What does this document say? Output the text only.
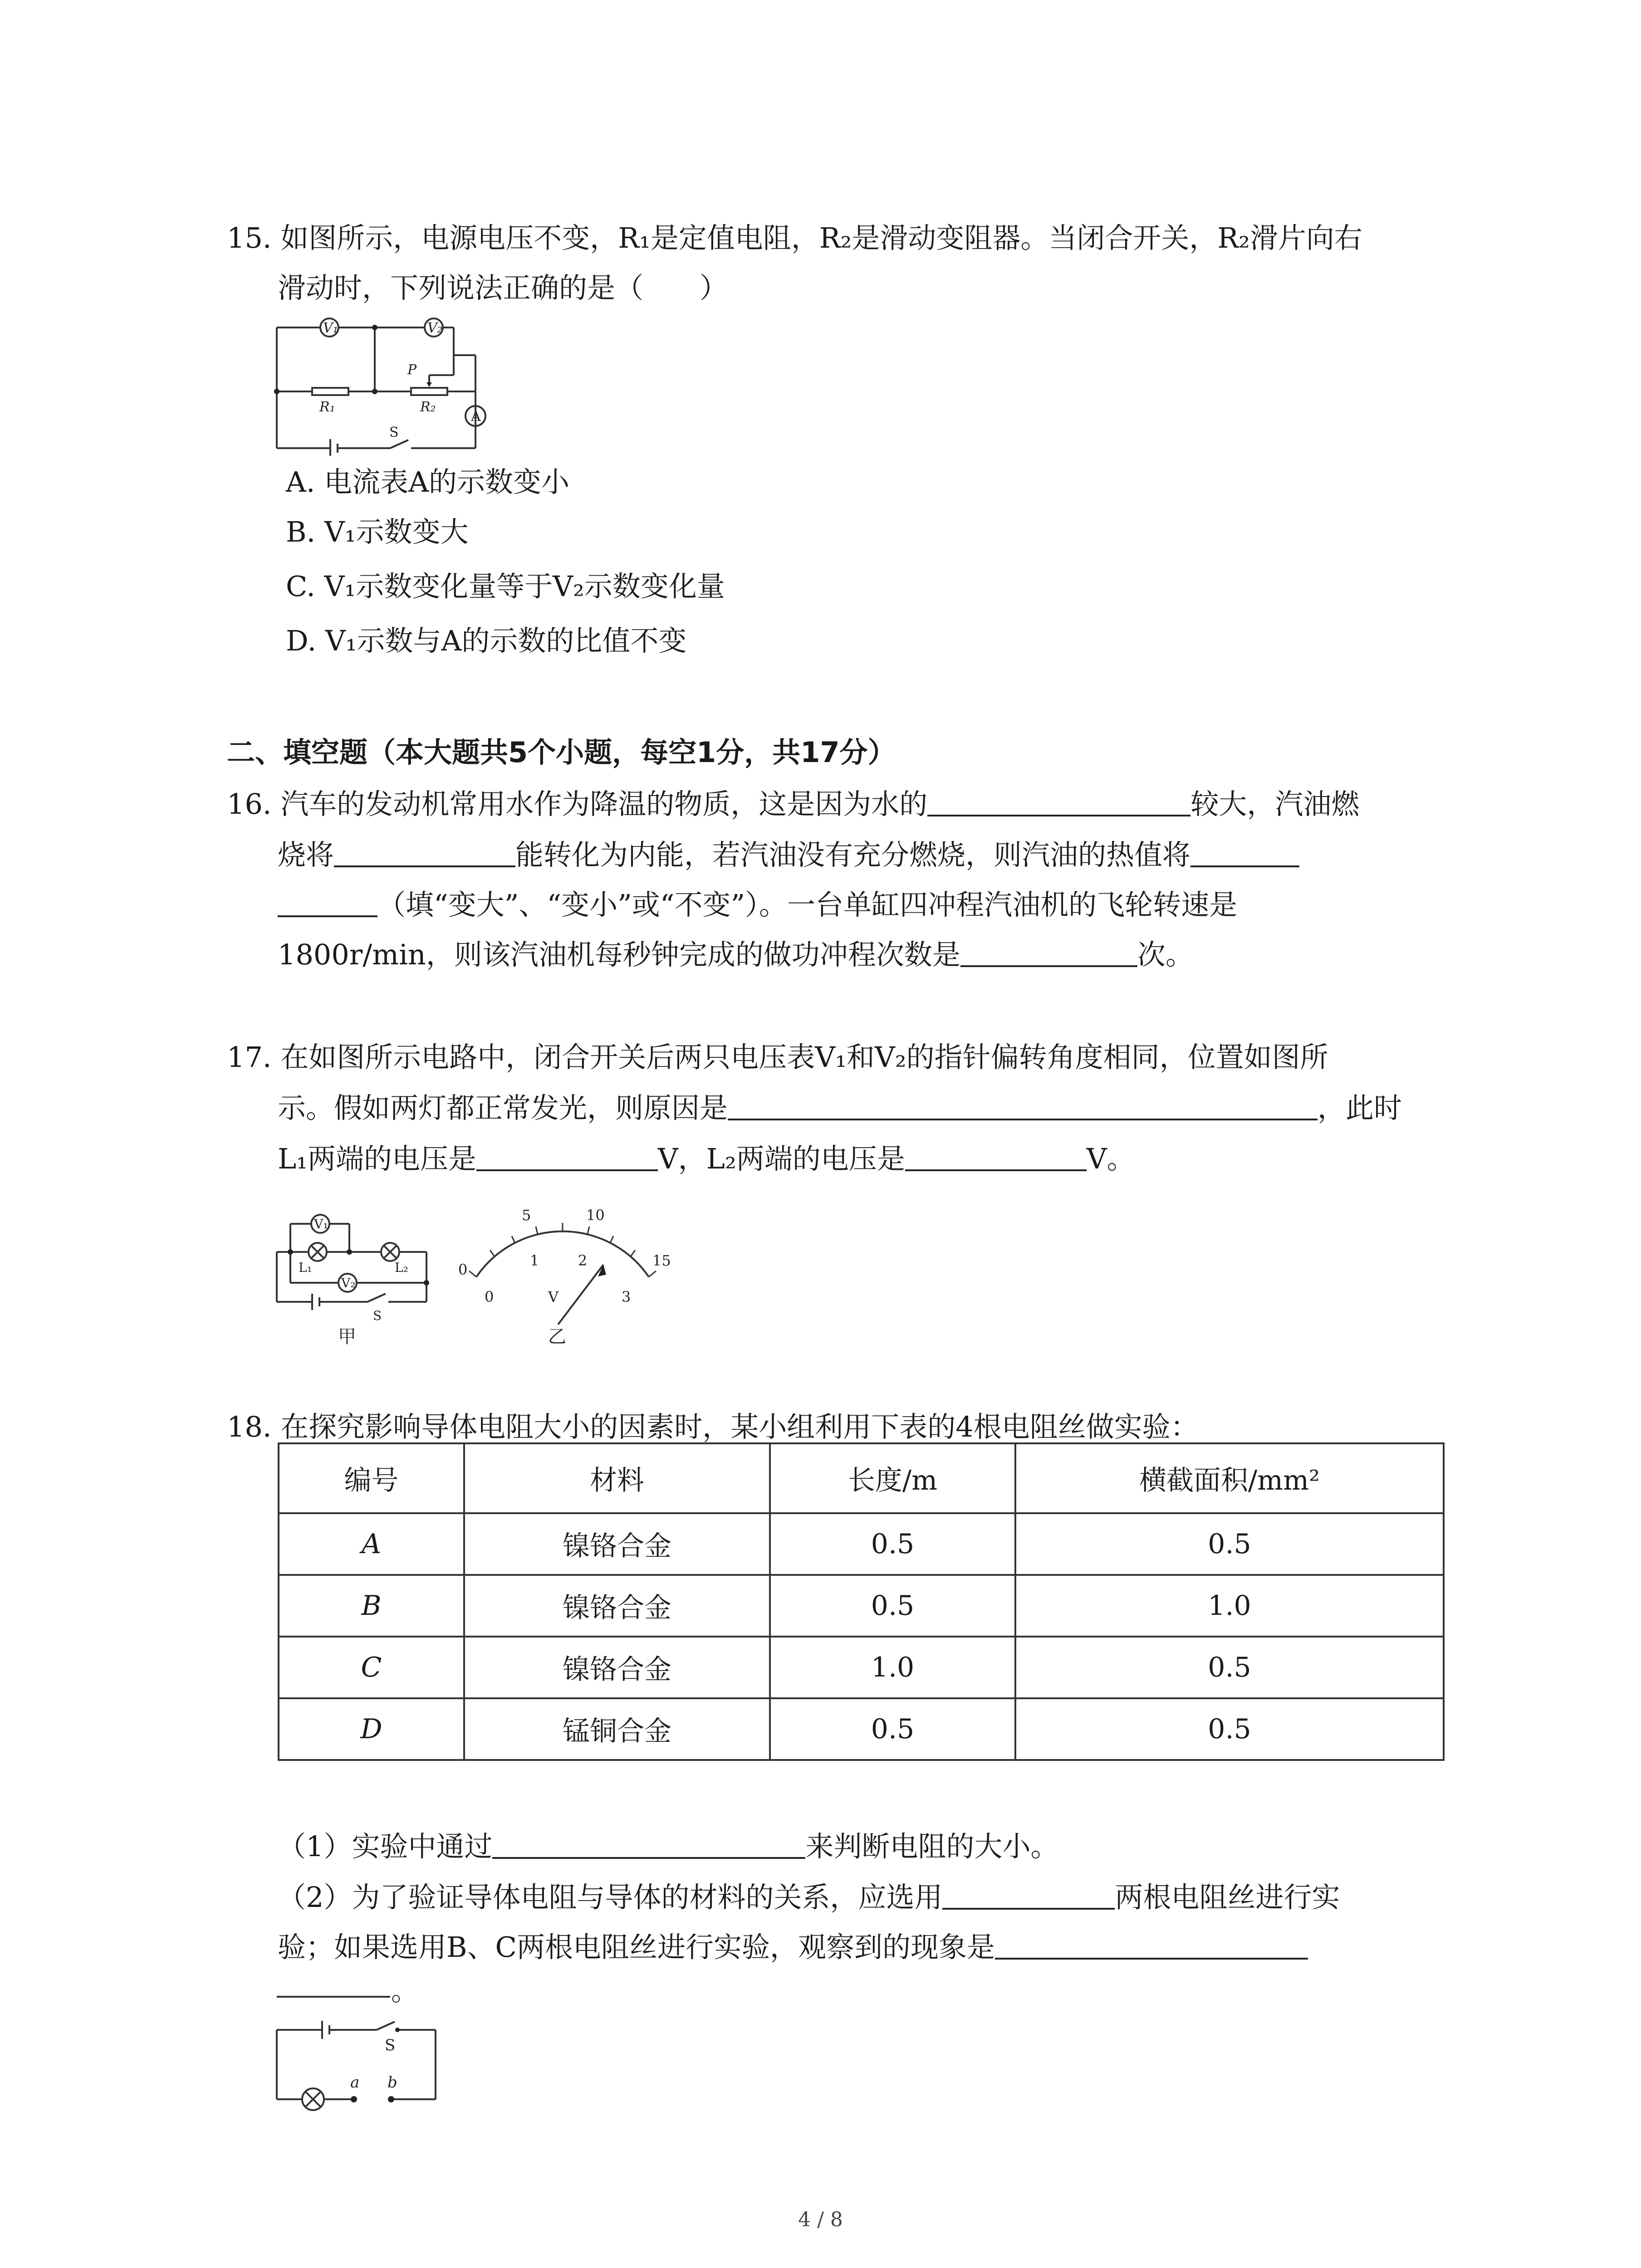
15. 如图所示，电源电压不变，R₁是定值电阻，R₂是滑动变阻器。当闭合开关，R₂滑片向右
滑动时，下列说法正确的是（　　）
V₁	V₂
R₁	R₂
P
A
S
A. 电流表A的示数变小
B. V₁示数变大
C. V₁示数变化量等于V₂示数变化量
D. V₁示数与A的示数的比值不变
二、填空题（本大题共5个小题，每空1分，共17分）
16. 汽车的发动机常用水作为降温的物质，这是因为水的	较大，汽油燃
烧将	能转化为内能，若汽油没有充分燃烧，则汽油的热值将
（填“变大”、“变小”或“不变”）。一台单缸四冲程汽油机的飞轮转速是
1800r/min，则该汽油机每秒钟完成的做功冲程次数是	次。
17. 在如图所示电路中，闭合开关后两只电压表V₁和V₂的指针偏转角度相同，位置如图所
示。假如两灯都正常发光，则原因是	，此时
L₁两端的电压是	V，L₂两端的电压是	V。
V₁
V₂
L₁	L₂
S
甲
0
5	10
15
0
1	2
3
V
乙
18. 在探究影响导体电阻大小的因素时，某小组利用下表的4根电阻丝做实验：
编号	材料	长度/m	横截面积/mm²
A	镍铬合金	0.5	0.5
B	镍铬合金	0.5	1.0
C	镍铬合金	1.0	0.5
D	锰铜合金	0.5	0.5
（1）实验中通过	来判断电阻的大小。
（2）为了验证导体电阻与导体的材料的关系，应选用	两根电阻丝进行实
验；如果选用B、C两根电阻丝进行实验，观察到的现象是
。
S
a b
4 / 8
